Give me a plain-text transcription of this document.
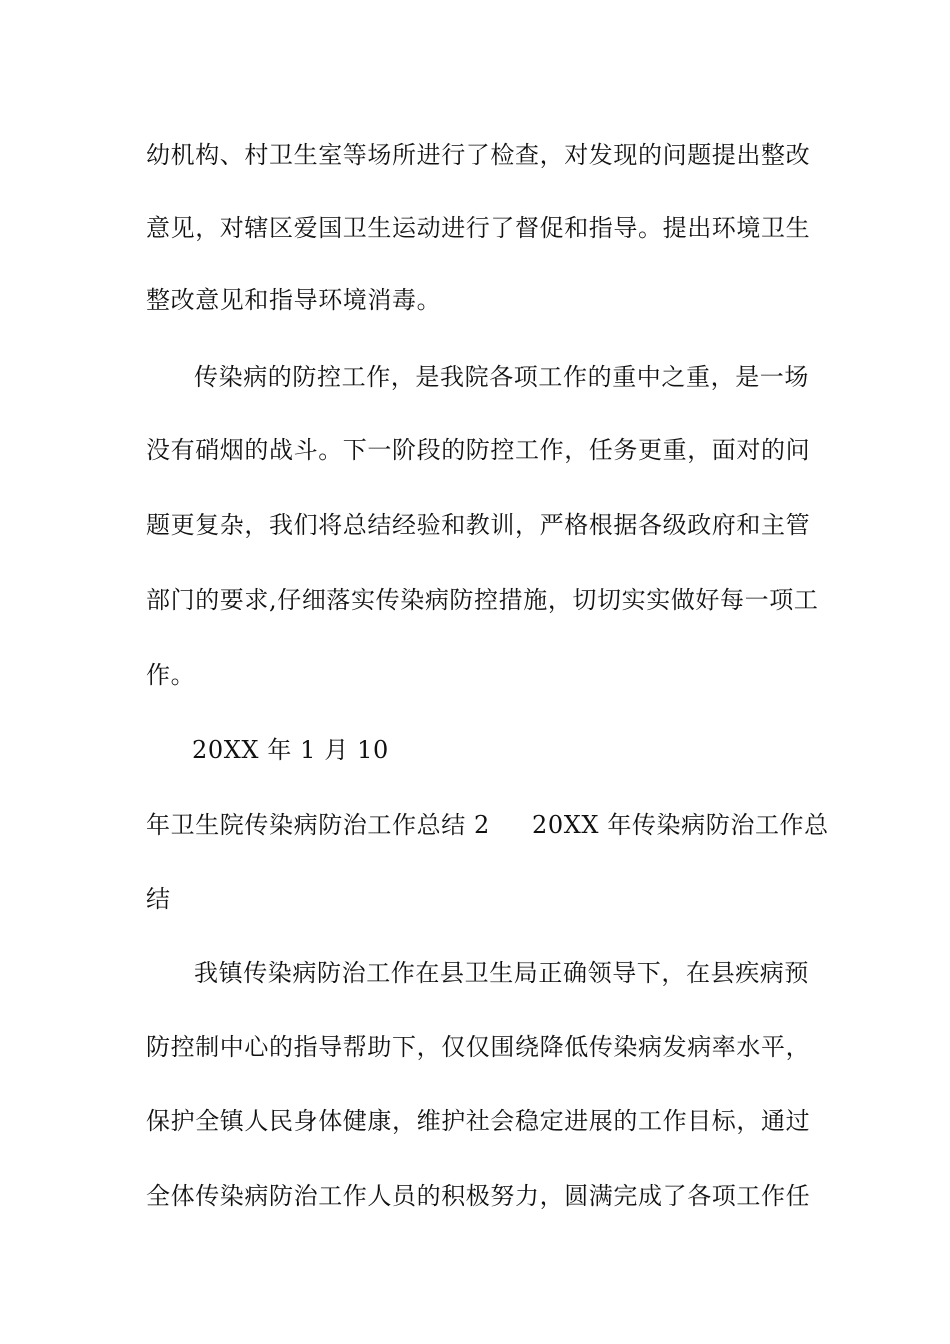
幼机构、村卫生室等场所进行了检查，对发现的问题提出整改
意见，对辖区爱国卫生运动进行了督促和指导。提出环境卫生
整改意见和指导环境消毒。
传染病的防控工作，是我院各项工作的重中之重，是一场
没有硝烟的战斗。下一阶段的防控工作，任务更重，面对的问
题更复杂，我们将总结经验和教训，严格根据各级政府和主管
部门的要求,仔细落实传染病防控措施，切切实实做好每一项工
作。
20XX 年 1 月 10
年卫生院传染病防治工作总结 2 20XX 年传染病防治工作总
结
我镇传染病防治工作在县卫生局正确领导下，在县疾病预
防控制中心的指导帮助下，仅仅围绕降低传染病发病率水平，
保护全镇人民身体健康，维护社会稳定进展的工作目标，通过
全体传染病防治工作人员的积极努力，圆满完成了各项工作任
